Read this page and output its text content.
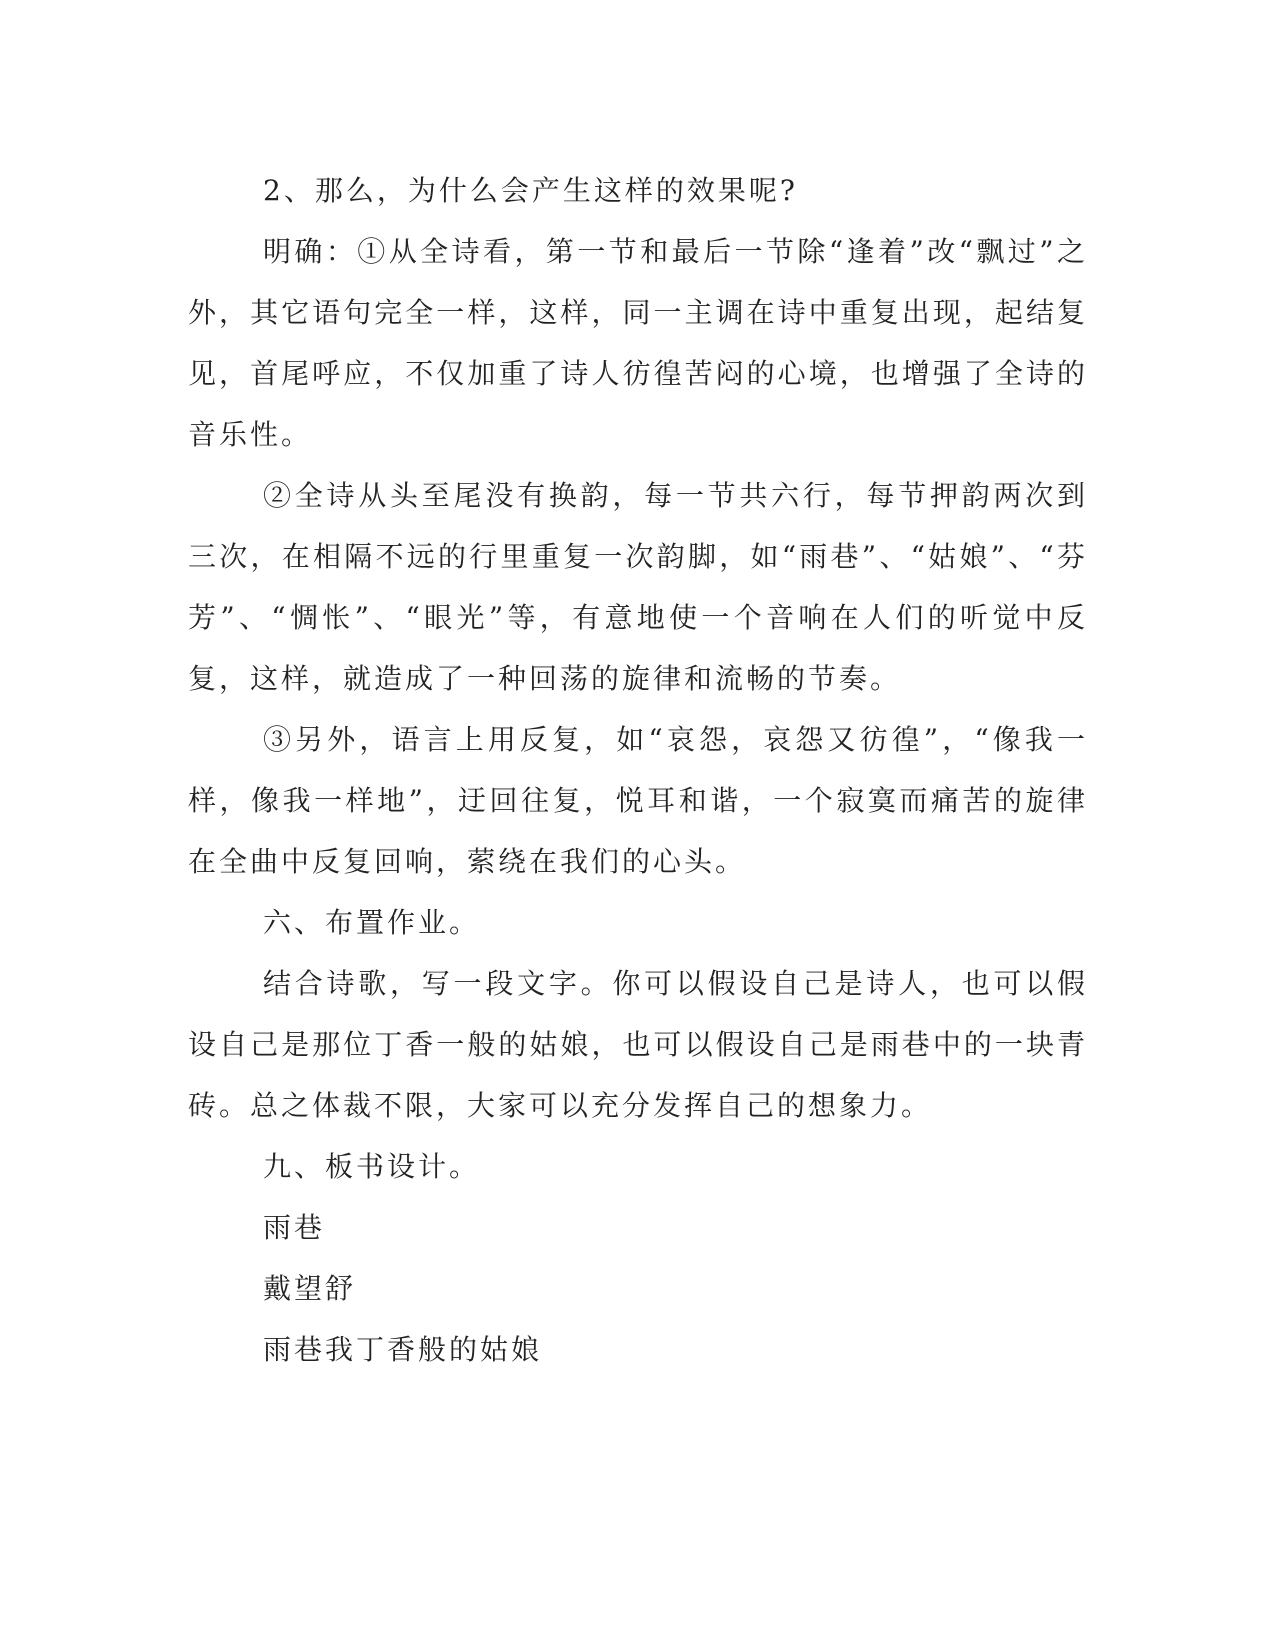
2、那么，为什么会产生这样的效果呢?

明确：①从全诗看，第一节和最后一节除“逢着”改“飘过”之外，其它语句完全一样，这样，同一主调在诗中重复出现，起结复见，首尾呼应，不仅加重了诗人彷徨苦闷的心境，也增强了全诗的音乐性。

②全诗从头至尾没有换韵，每一节共六行，每节押韵两次到三次，在相隔不远的行里重复一次韵脚，如“雨巷”、“姑娘”、“芬芳”、“惆怅”、“眼光”等，有意地使一个音响在人们的听觉中反复，这样，就造成了一种回荡的旋律和流畅的节奏。

③另外，语言上用反复，如“哀怨，哀怨又彷徨”，“像我一样，像我一样地”，迂回往复，悦耳和谐，一个寂寞而痛苦的旋律在全曲中反复回响，萦绕在我们的心头。

六、布置作业。

结合诗歌，写一段文字。你可以假设自己是诗人，也可以假设自己是那位丁香一般的姑娘，也可以假设自己是雨巷中的一块青砖。总之体裁不限，大家可以充分发挥自己的想象力。

九、板书设计。

雨巷

戴望舒

雨巷我丁香般的姑娘
